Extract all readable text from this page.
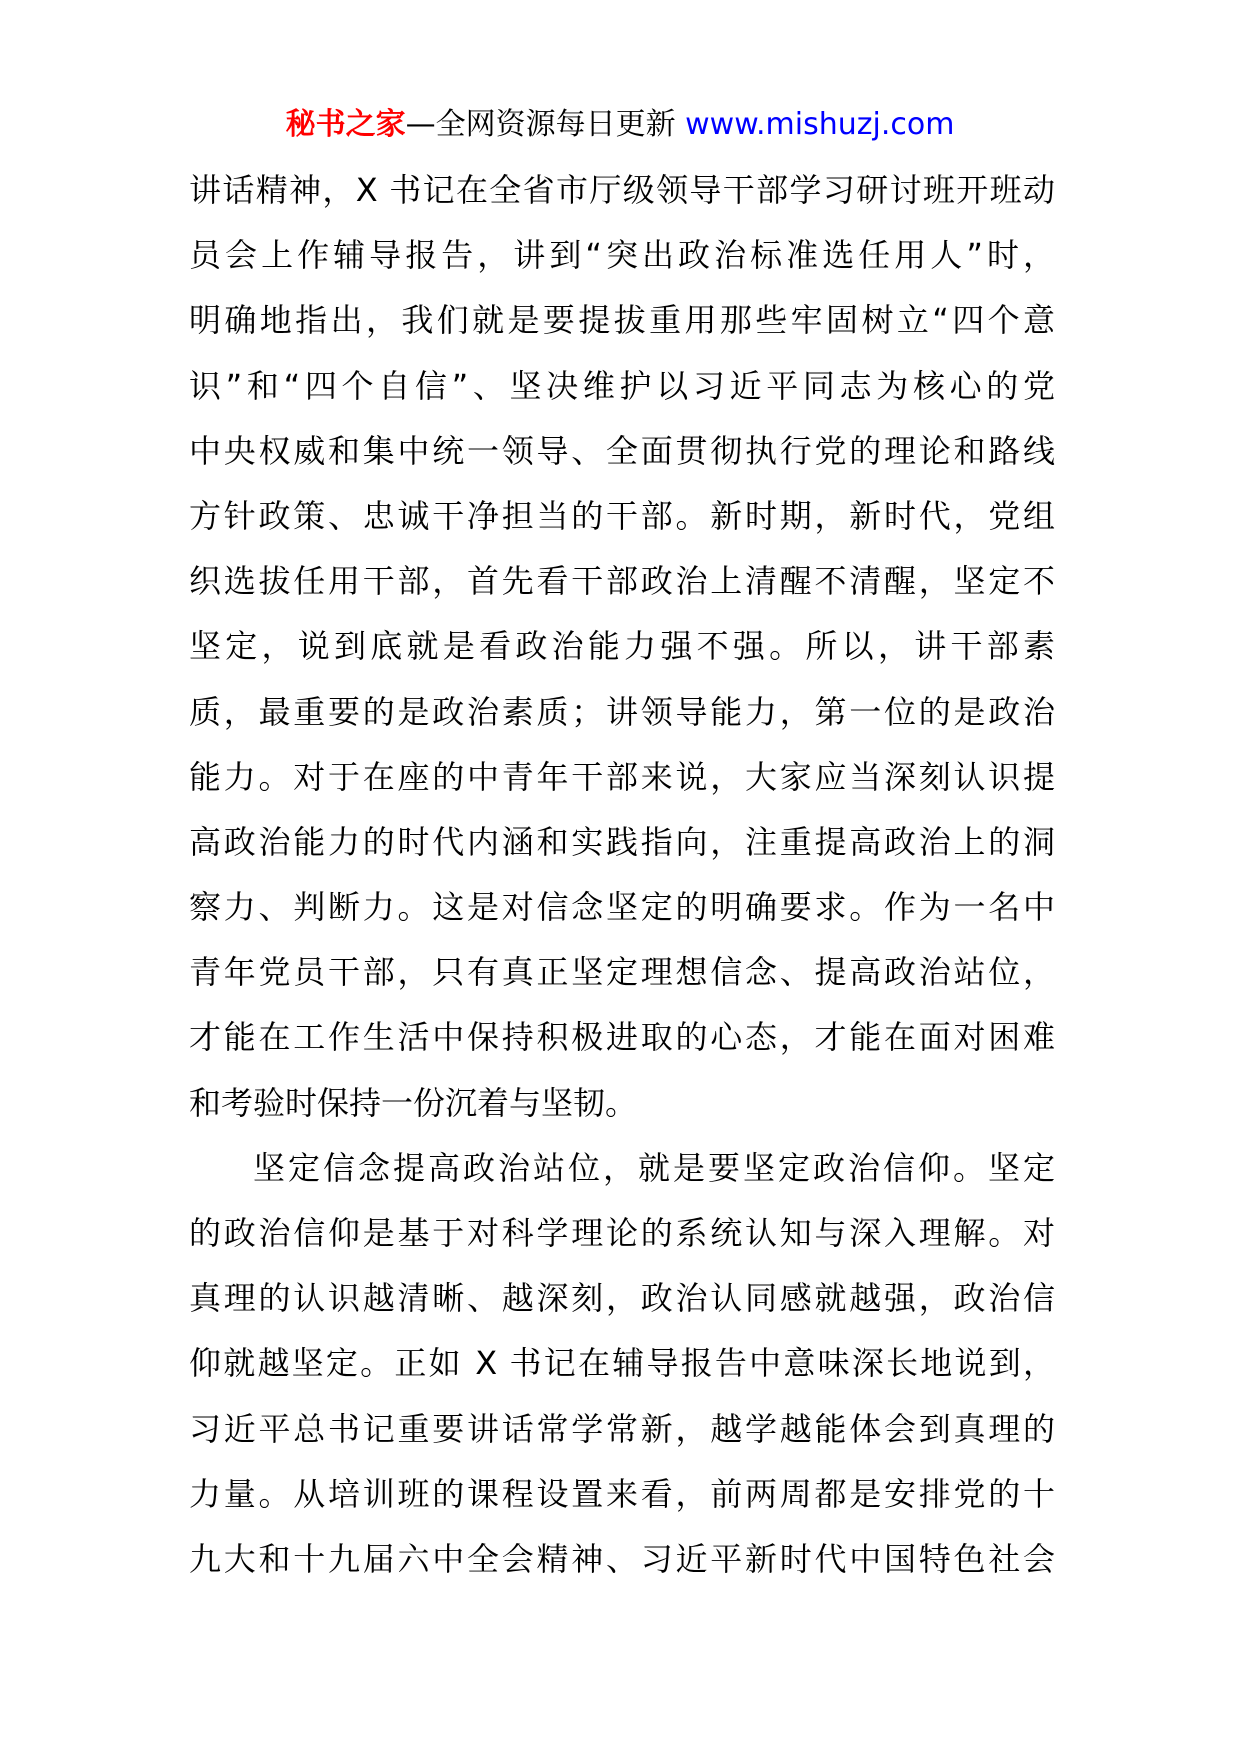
秘书之家—全网资源每日更新 www.mishuzj.com
讲话精神，X 书记在全省市厅级领导干部学习研讨班开班动
员会上作辅导报告，讲到“突出政治标准选任用人”时，
明确地指出，我们就是要提拔重用那些牢固树立“四个意
识”和“四个自信”、坚决维护以习近平同志为核心的党
中央权威和集中统一领导、全面贯彻执行党的理论和路线
方针政策、忠诚干净担当的干部。新时期，新时代，党组
织选拔任用干部，首先看干部政治上清醒不清醒，坚定不
坚定，说到底就是看政治能力强不强。所以，讲干部素
质，最重要的是政治素质；讲领导能力，第一位的是政治
能力。对于在座的中青年干部来说，大家应当深刻认识提
高政治能力的时代内涵和实践指向，注重提高政治上的洞
察力、判断力。这是对信念坚定的明确要求。作为一名中
青年党员干部，只有真正坚定理想信念、提高政治站位，
才能在工作生活中保持积极进取的心态，才能在面对困难
和考验时保持一份沉着与坚韧。
坚定信念提高政治站位，就是要坚定政治信仰。坚定
的政治信仰是基于对科学理论的系统认知与深入理解。对
真理的认识越清晰、越深刻，政治认同感就越强，政治信
仰就越坚定。正如 X 书记在辅导报告中意味深长地说到，
习近平总书记重要讲话常学常新，越学越能体会到真理的
力量。从培训班的课程设置来看，前两周都是安排党的十
九大和十九届六中全会精神、习近平新时代中国特色社会
